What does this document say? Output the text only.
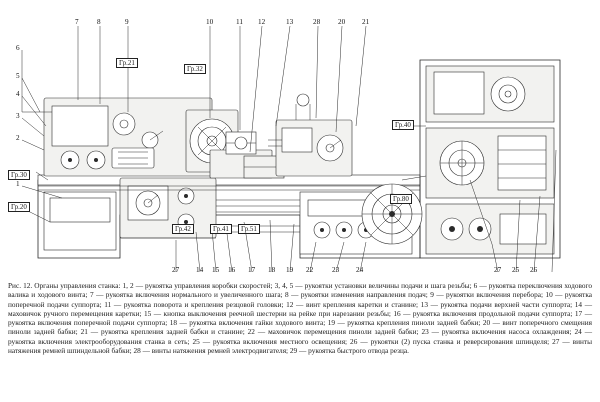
6
5
4
3
2
1
7	8	9	10	11 12	13	28 20 21
27 14 15 16 17 18 19 22	23 24	27 25 26
Гр.21
Гр.32
Гр.40
Гр.30
Гр.20
Гр.80
Гр.42	Гр.41	Гр.51
Рис. 12. Органы управления станка: 1, 2 — рукоятка управления коробки скоростей; 3, 4, 5 — рукоятки установки величины подачи и шага резьбы; 6 — рукоятка переключения ходового валика и ходового винта; 7 — рукоятка включения нормального и увеличенного шага; 8 — рукоятки изменения направления подач; 9 — рукоятки включения перебора; 10 — рукоятка поперечной подачи суппорта; 11 — рукоятка поворота и крепления резцовой головки; 12 — винт крепления каретки и станине; 13 — рукоятка подачи верхней части суппорта; 14 — маховичок ручного перемещения каретки; 15 — кнопка выключения реечной шестерни на рейке при нарезании резьбы; 16 — рукоятка включения продольной подачи суппорта; 17 — рукоятка включения поперечной подачи суппорта; 18 — рукоятка включения гайки ходового винта; 19 — рукоятка крепления пиноли задней бабки; 20 — винт поперечного смещения пиноли задней бабки; 21 — рукоятка крепления задней бабки и станине; 22 — маховичок перемещения пиноли задней бабки; 23 — рукоятка включения насоса охлаждения; 24 — рукоятка включения электрооборудования станка в сеть; 25 — рукоятка включения местного освещения; 26 — рукоятки (2) пуска станка и реверсирования шпинделя; 27 — винты натяжения ремней шпиндельной бабки; 28 — винты натяжения ремней электродвигателя; 29 — рукоятка быстрого отвода резца.
